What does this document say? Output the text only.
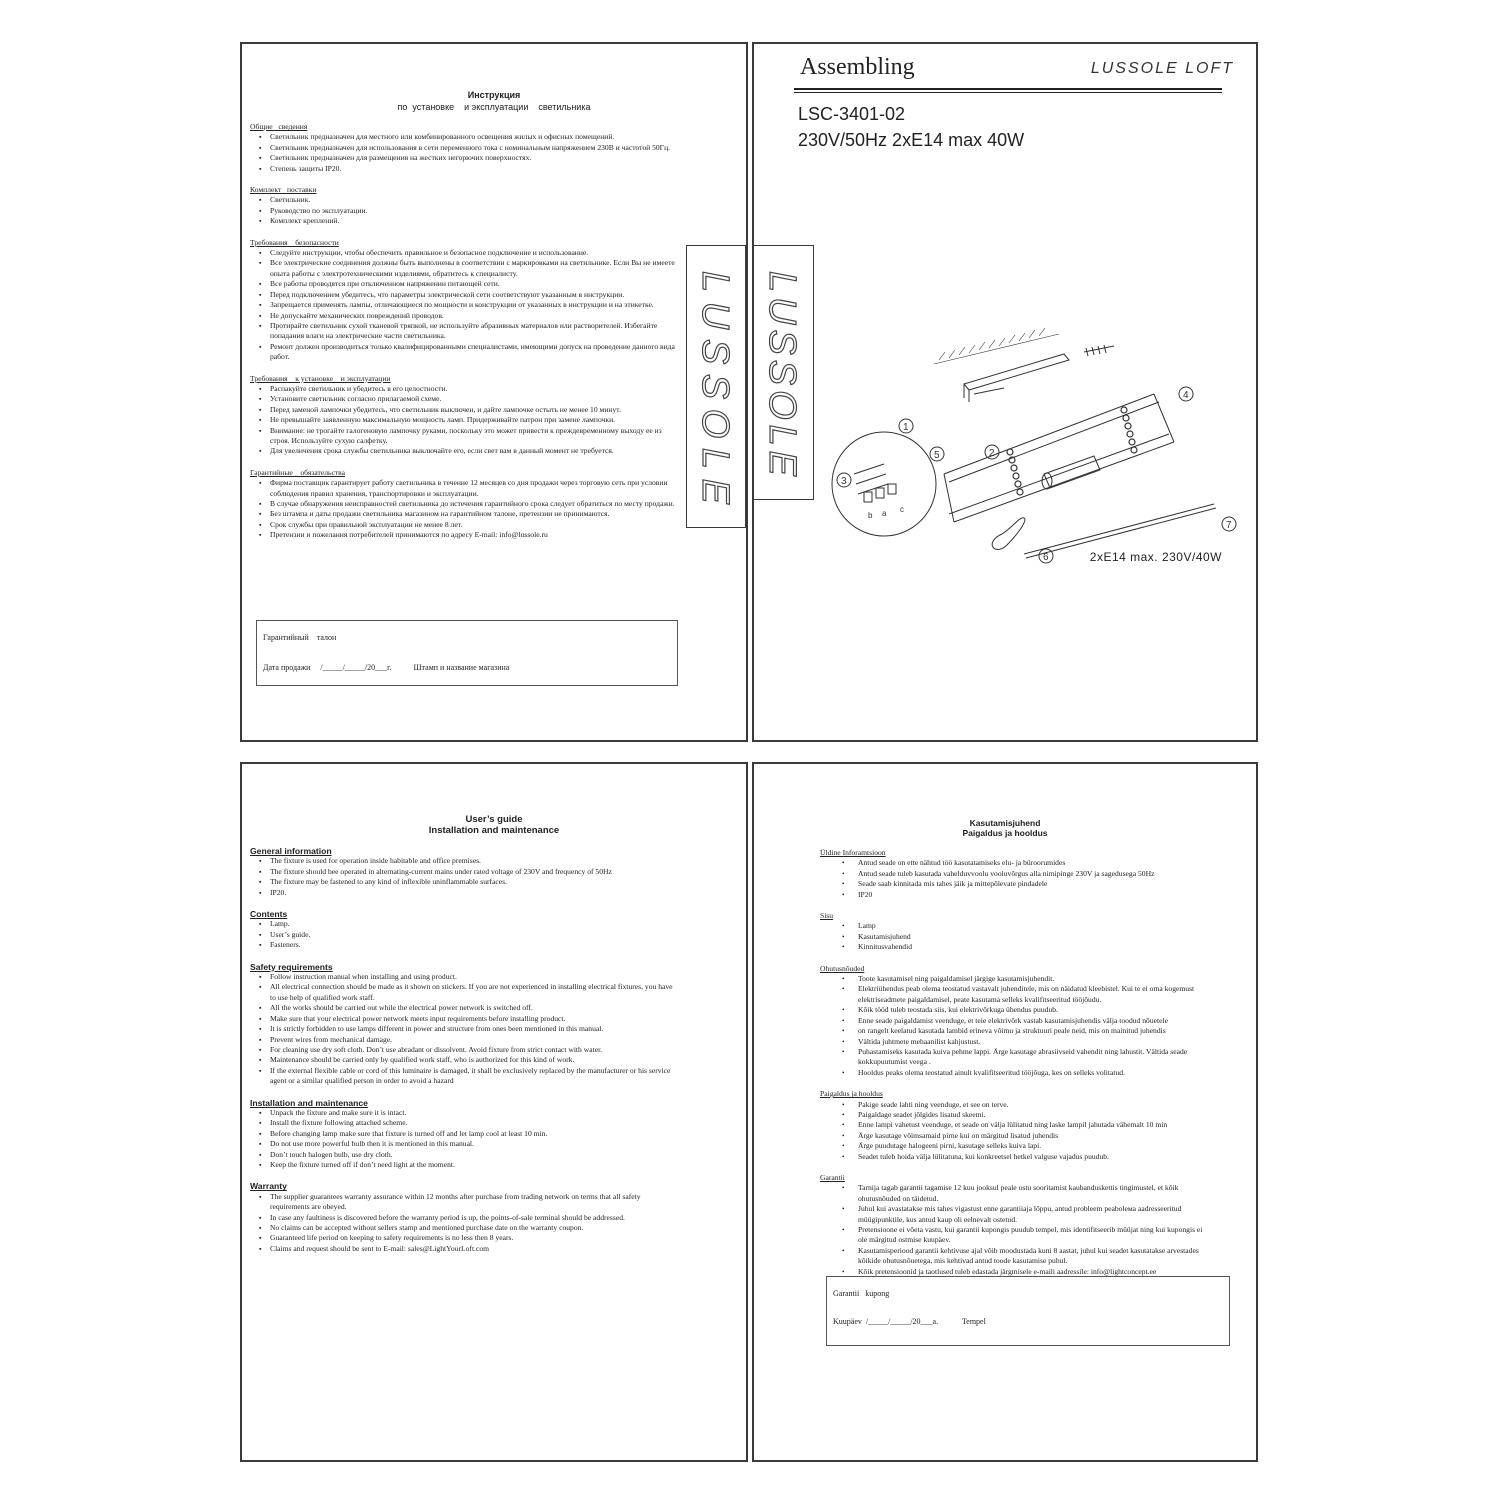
Инструкция
по  установке    и эксплуатации    светильника
Общие   сведения
▪ Светильник предназначен для местного или комбинированного освещения жилых и офисных помещений.
▪ Светильник предназначен для использования в сети переменного тока с номинальным напряжением 230В и частотой 50Гц.
▪ Светильник предназначен для размещения на жестких негорючих поверхностях.
▪ Степень защиты IP20.
Комплект   поставки
▪ Светильник.
▪ Руководство по эксплуатации.
▪ Комплект креплений.
Требования    безопасности
▪ Следуйте инструкции, чтобы обеспечить правильное и безопасное подключение и использование.
▪ Все электрические соединения должны быть выполнены в соответствии с маркировками на светильнике. Если Вы не имеете опыта работы с электротехническими изделиями, обратитесь к специалисту.
▪ Все работы проводятся при отключенном напряжении питающей сети.
▪ Перед подключением убедитесь, что параметры электрической сети соответствуют указанным в инструкции.
▪ Запрещается применять лампы, отличающиеся по мощности и конструкции от указанных в инструкции и на этикетке.
▪ Не допускайте механических повреждений проводов.
▪ Протирайте светильник сухой тканевой тряпкой, не используйте абразивных материалов или растворителей. Избегайте попадания влаги на электрические части светильника.
▪ Ремонт должен производиться только квалифицированными специалистами, имеющими допуск на проведение данного вида работ.
Требования    к установке    и эксплуатации
▪ Распакуйте светильник и убедитесь в его целостности.
▪ Установите светильник согласно прилагаемой схеме.
▪ Перед заменой лампочки убедитесь, что светильник выключен, и дайте лампочке остыть не менее 10 минут.
▪ Не превышайте заявленную максимальную мощность ламп. Придерживайте патрон при замене лампочки.
▪ Внимание: не трогайте галогеновую лампочку руками, поскольку это может привести к преждевременному выходу ее из строя. Используйте сухую салфетку.
▪ Для увеличения срока службы светильника выключайте его, если свет вам в данный момент не требуется.
Гарантийные    обязательства
▪ Фирма поставщик гарантирует работу светильника в течение 12 месяцев со дня продажи через торговую сеть при условии соблюдения правил хранения, транспортировки и эксплуатации.
▪ В случае обнаружения неисправностей светильника до истечения гарантийного срока следует обратиться по месту продажи.
▪ Без штампа и даты продажи светильника магазином на гарантийном талоне, претензии не принимаются.
▪ Срок службы при правильной эксплуатации не менее 8 лет.
▪ Претензии и пожелания потребителей принимаются по адресу E-mail: info@lussole.ru
Гарантийный    талон
Дата продажи     /_____/_____/20___г.           Штамп и название магазина
Assembling	LUSSOLE LOFT
LSC-3401-02
230V/50Hz 2xE14 max 40W
1
2
3
4
5
6
7
b a c
2xE14 max. 230V/40W
LUSSOLE
LUSSOLE
User’s guide
Installation and maintenance
General information
▪ The fixture is used for operation inside habitable and office premises.
▪ The fixture should bee operated in alternating-current mains under rated voltage of 230V and frequency of 50Hz
▪ The fixture may be fastened to any kind of inflexible uninflammable surfaces.
▪ IP20.
Contents
▪ Lamp.
▪ User’s guide.
▪ Fasteners.
Safety requirements
▪ Follow instruction manual when installing and using product.
▪ All electrical connection should be made as it shown on stickers. If you are not experienced in installing electrical fixtures, you have to use help of qualified work staff.
▪ All the works should be carried out while the electrical power network is switched off.
▪ Make sure that your electrical power network meets input requirements before installing product.
▪ It is strictly forbidden to use lamps different in power and structure from ones been mentioned in this manual.
▪ Prevent wires from mechanical damage.
▪ For cleaning use dry soft cloth. Don’t use abradant or dissolvent. Avoid fixture from strict contact with water.
▪ Maintenance should be carried only by qualified work staff, who is authorized for this kind of work.
▪ If the external flexible cable or cord of this luminaire is damaged, it shall be exclusively replaced by the manufacturer or his service agent or a similar qualified person in order to avoid a hazard
Installation and maintenance
▪ Unpack the fixture and make sure it is intact.
▪ Install the fixture following attached scheme.
▪ Before changing lamp make sure that fixture is turned off and let lamp cool at least 10 min.
▪ Do not use more powerful bulb then it is mentioned in this manual.
▪ Don’t touch halogen bulb, use dry cloth.
▪ Keep the fixture turned off if don’t need light at the moment.
Warranty
▪ The supplier guarantees warranty assurance within 12 months after purchase from trading network on terms that all safety requirements are obeyed.
▪ In case any faultiness is discovered before the warranty period is up, the points-of-sale terminal should be addressed.
▪ No claims can be accepted without sellers stamp and mentioned purchase date on the warranty coupon.
▪ Guaranteed life period on keeping to safety requirements is no less then 8 years.
▪ Claims and request should be sent to E-mail: sales@LightYourLoft.com
Kasutamisjuhend
Paigaldus ja hooldus
Üldine Inforamtsioon
• Antud seade on ette nähtud töö kasutatamiseks elu- ja büroorumides
• Antud seade tuleb kasutada vahelduvvoolu vooluvõrgus alla nimipinge 230V ja sagedusega 50Hz
• Seade saab kinnitada mis tahes jäik ja mittepõlevate pindadele
• IP20
Sisu
• Lamp
• Kasutamisjuhend
• Kinnitusvahendid
Ohutusnõuded
• Toote kasutamisel ning paigaldamisel järgige kasutamisjuhendit.
• Elektriühendus peab olema teostatud vastavalt juhenditele, mis on näidatud kleebistel. Kui te ei oma kogemust elektriseadmete paigaldamisel, peate kasutama selleks kvalifitseeritud tööjõudu.
• Kõik tööd tuleb teostada siis, kui elektrivõrkuga ühendus puudub.
• Enne seade paigaldamist veenduge, et teie elektrivõrk vastab kasutamisjuhendis välja toodud nõuetele
• on rangelt keelatud kasutada lambid erineva võimu ja struktuuri peale neid, mis on mainitud juhendis
• Vältida juhtmete mehaanilist kahjustust.
• Puhastamiseks kasutada kuiva pehme lappi. Ärge kasutage abrasiivseid vahendit ning lahustit. Vältida seade kokkupuutumist veega .
• Hooldus peaks olema teostatud ainult kvalifitseeritud tööjõuga, kes on selleks volitatud.
Paigaldus ja hooldus
• Pakige seade lahti ning veenduge, et see on terve.
• Paigaldage seadet jõlgides lisatud skeemi.
• Enne lampi vahetust veenduge, et seade on välja lülitatud ning laske lampil jahutada vähemalt 10 min
• Ärge kasutage võimsamaid pirne kui on märgitud lisatud juhendis
• Ärge puudutage halogeeni pirni, kasutage selleks kuiva lapi.
• Seadet tuleb hoida välja lülitatuna, kui konkreetsel hetkel valguse vajadus puudub.
Garantii
• Tarnija tagab garantii tagamise 12 kuu jooksul peale ostu sooritamist kaubanduskettis tingimustel, et kõik ohutusnõuded on täidetud.
• Juhul kui avastatakse mis tahes vigastust enne garantiiaja lõppu, antud probleem peaboleма aadresseeritud müügipunktile, kus antud kaup oli eelnevalt ostetud.
• Pretensioone ei võeta vastu, kui garantii kupongis puudub tempel, mis identifitseerib müüjat ning kui kupongis ei ole märgitud ostmise kuupäev.
• Kasutamisperiood garantii kehtivuse ajal võib moodustada kuni 8 aastat, juhul kui seadet kasutatakse arvestades kõikide ohutusnõuetega, mis kehtivad antud toode kasutamise puhul.
• Kõik pretensioonid ja taotlused tuleb edastada järgmisele e-maili aadressile: info@lightconcept.ee
Garantii   kupong
Kuupäev  /_____/_____/20___a.            Tempel
